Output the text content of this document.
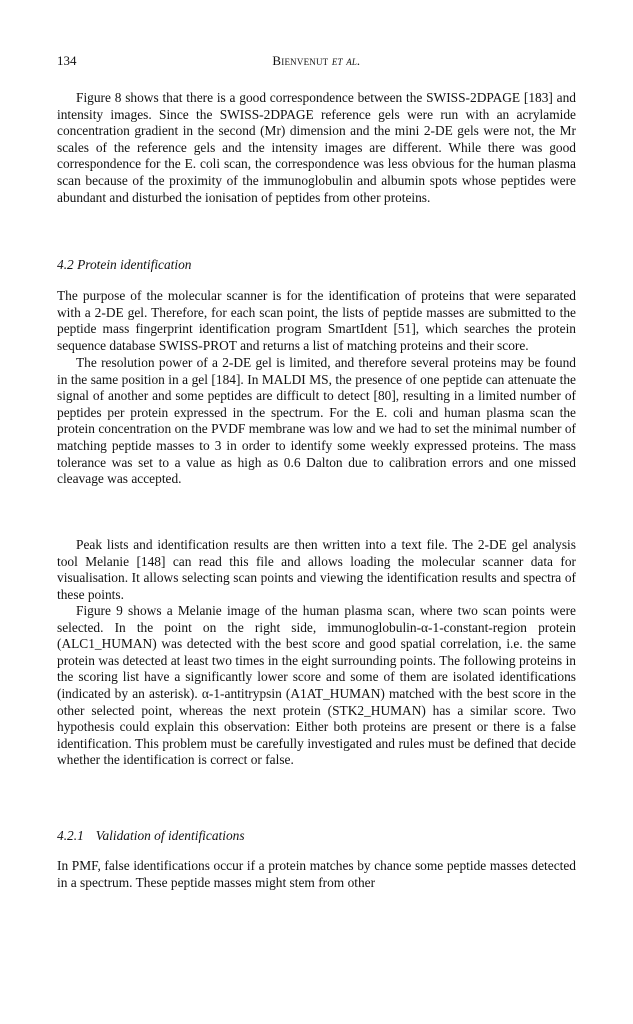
134	Bienvenut et al.

Figure 8 shows that there is a good correspondence between the SWISS-2DPAGE [183] and intensity images. Since the SWISS-2DPAGE reference gels were run with an acrylamide concentration gradient in the second (Mr) dimension and the mini 2-DE gels were not, the Mr scales of the reference gels and the intensity images are different. While there was good correspondence for the E. coli scan, the correspondence was less obvious for the human plasma scan because of the proximity of the immunoglobulin and albumin spots whose peptides were abundant and disturbed the ionisation of peptides from other proteins.

4.2 Protein identification

The purpose of the molecular scanner is for the identification of proteins that were separated with a 2-DE gel. Therefore, for each scan point, the lists of peptide masses are submitted to the peptide mass fingerprint identification program SmartIdent [51], which searches the protein sequence database SWISS-PROT and returns a list of matching proteins and their score.

The resolution power of a 2-DE gel is limited, and therefore several proteins may be found in the same position in a gel [184]. In MALDI MS, the presence of one peptide can attenuate the signal of another and some peptides are difficult to detect [80], resulting in a limited number of peptides per protein expressed in the spectrum. For the E. coli and human plasma scan the protein concentration on the PVDF membrane was low and we had to set the minimal number of matching peptide masses to 3 in order to identify some weekly expressed proteins. The mass tolerance was set to a value as high as 0.6 Dalton due to calibration errors and one missed cleavage was accepted.

Peak lists and identification results are then written into a text file. The 2-DE gel analysis tool Melanie [148] can read this file and allows loading the molecular scanner data for visualisation. It allows selecting scan points and viewing the identification results and spectra of these points.

Figure 9 shows a Melanie image of the human plasma scan, where two scan points were selected. In the point on the right side, immunoglobulin-α-1-constant-region protein (ALC1_HUMAN) was detected with the best score and good spatial correlation, i.e. the same protein was detected at least two times in the eight surrounding points. The following proteins in the scoring list have a significantly lower score and some of them are isolated identifications (indicated by an asterisk). α-1-antitrypsin (A1AT_HUMAN) matched with the best score in the other selected point, whereas the next protein (STK2_HUMAN) has a similar score. Two hypothesis could explain this observation: Either both proteins are present or there is a false identification. This problem must be carefully investigated and rules must be defined that decide whether the identification is correct or false.

4.2.1 Validation of identifications

In PMF, false identifications occur if a protein matches by chance some peptide masses detected in a spectrum. These peptide masses might stem from other
